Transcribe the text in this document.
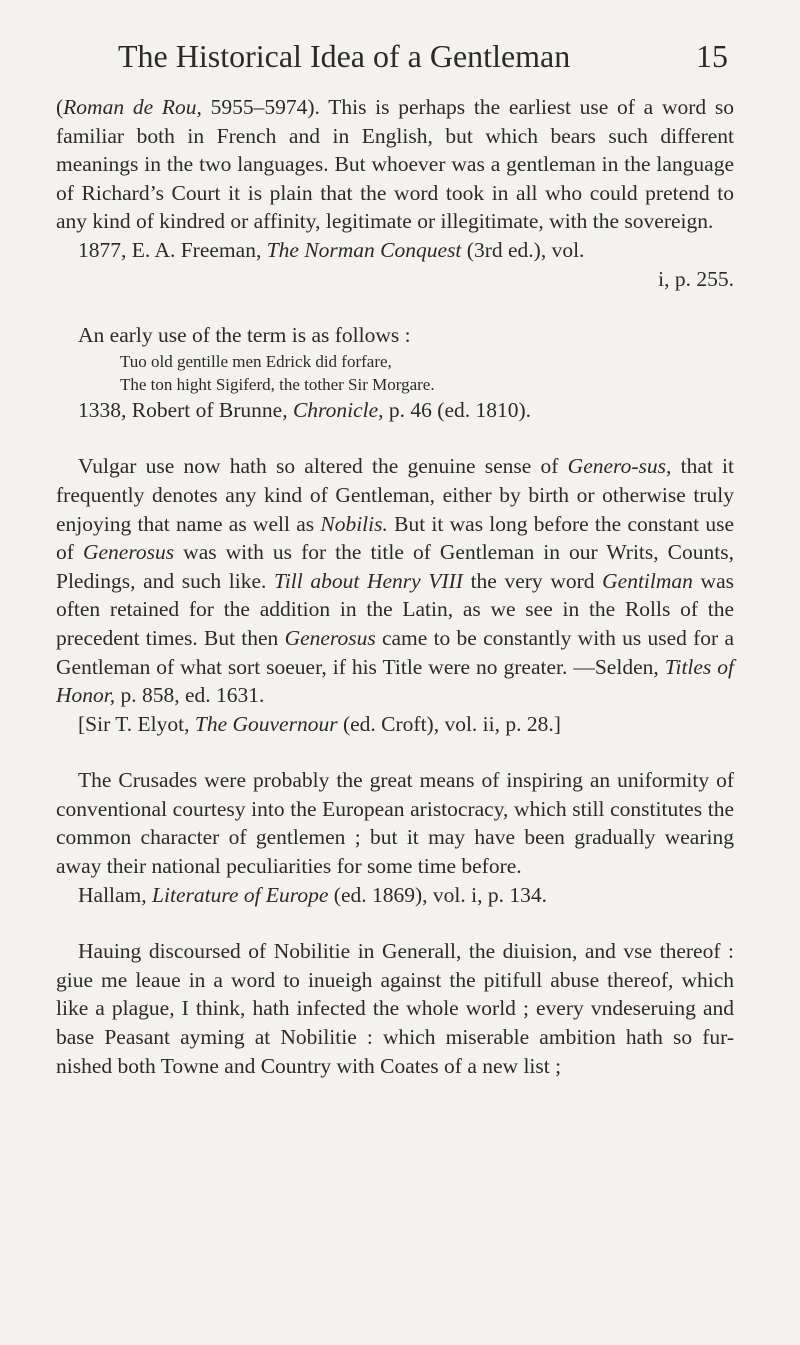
The Historical Idea of a Gentleman	15

(Roman de Rou, 5955–5974). This is perhaps the earliest use of a word so familiar both in French and in English, but which bears such different meanings in the two languages. But whoever was a gentleman in the language of Richard’s Court it is plain that the word took in all who could pretend to any kind of kindred or affinity, legitimate or illegitimate, with the sovereign.

1877, E. A. Freeman, The Norman Conquest (3rd ed.), vol.

i, p. 255.

An early use of the term is as follows :

Tuo old gentille men Edrick did forfare,

The ton hight Sigiferd, the tother Sir Morgare.

1338, Robert of Brunne, Chronicle, p. 46 (ed. 1810).

Vulgar use now hath so altered the genuine sense of Genero-sus, that it frequently denotes any kind of Gentleman, either by birth or otherwise truly enjoying that name as well as Nobilis. But it was long before the constant use of Generosus was with us for the title of Gentleman in our Writs, Counts, Pledings, and such like. Till about Henry VIII the very word Gentilman was often retained for the addition in the Latin, as we see in the Rolls of the precedent times. But then Generosus came to be constantly with us used for a Gentleman of what sort soeuer, if his Title were no greater. —Selden, Titles of Honor, p. 858, ed. 1631.

[Sir T. Elyot, The Gouvernour (ed. Croft), vol. ii, p. 28.]

The Crusades were probably the great means of inspiring an uniformity of conventional courtesy into the European aristocracy, which still constitutes the common character of gentlemen ; but it may have been gradually wearing away their national peculiarities for some time before.

Hallam, Literature of Europe (ed. 1869), vol. i, p. 134.

Hauing discoursed of Nobilitie in Generall, the diuision, and vse thereof : giue me leaue in a word to inueigh against the pitifull abuse thereof, which like a plague, I think, hath infected the whole world ; every vndeseruing and base Peasant ayming at Nobilitie : which miserable ambition hath so fur-nished both Towne and Country with Coates of a new list ;
